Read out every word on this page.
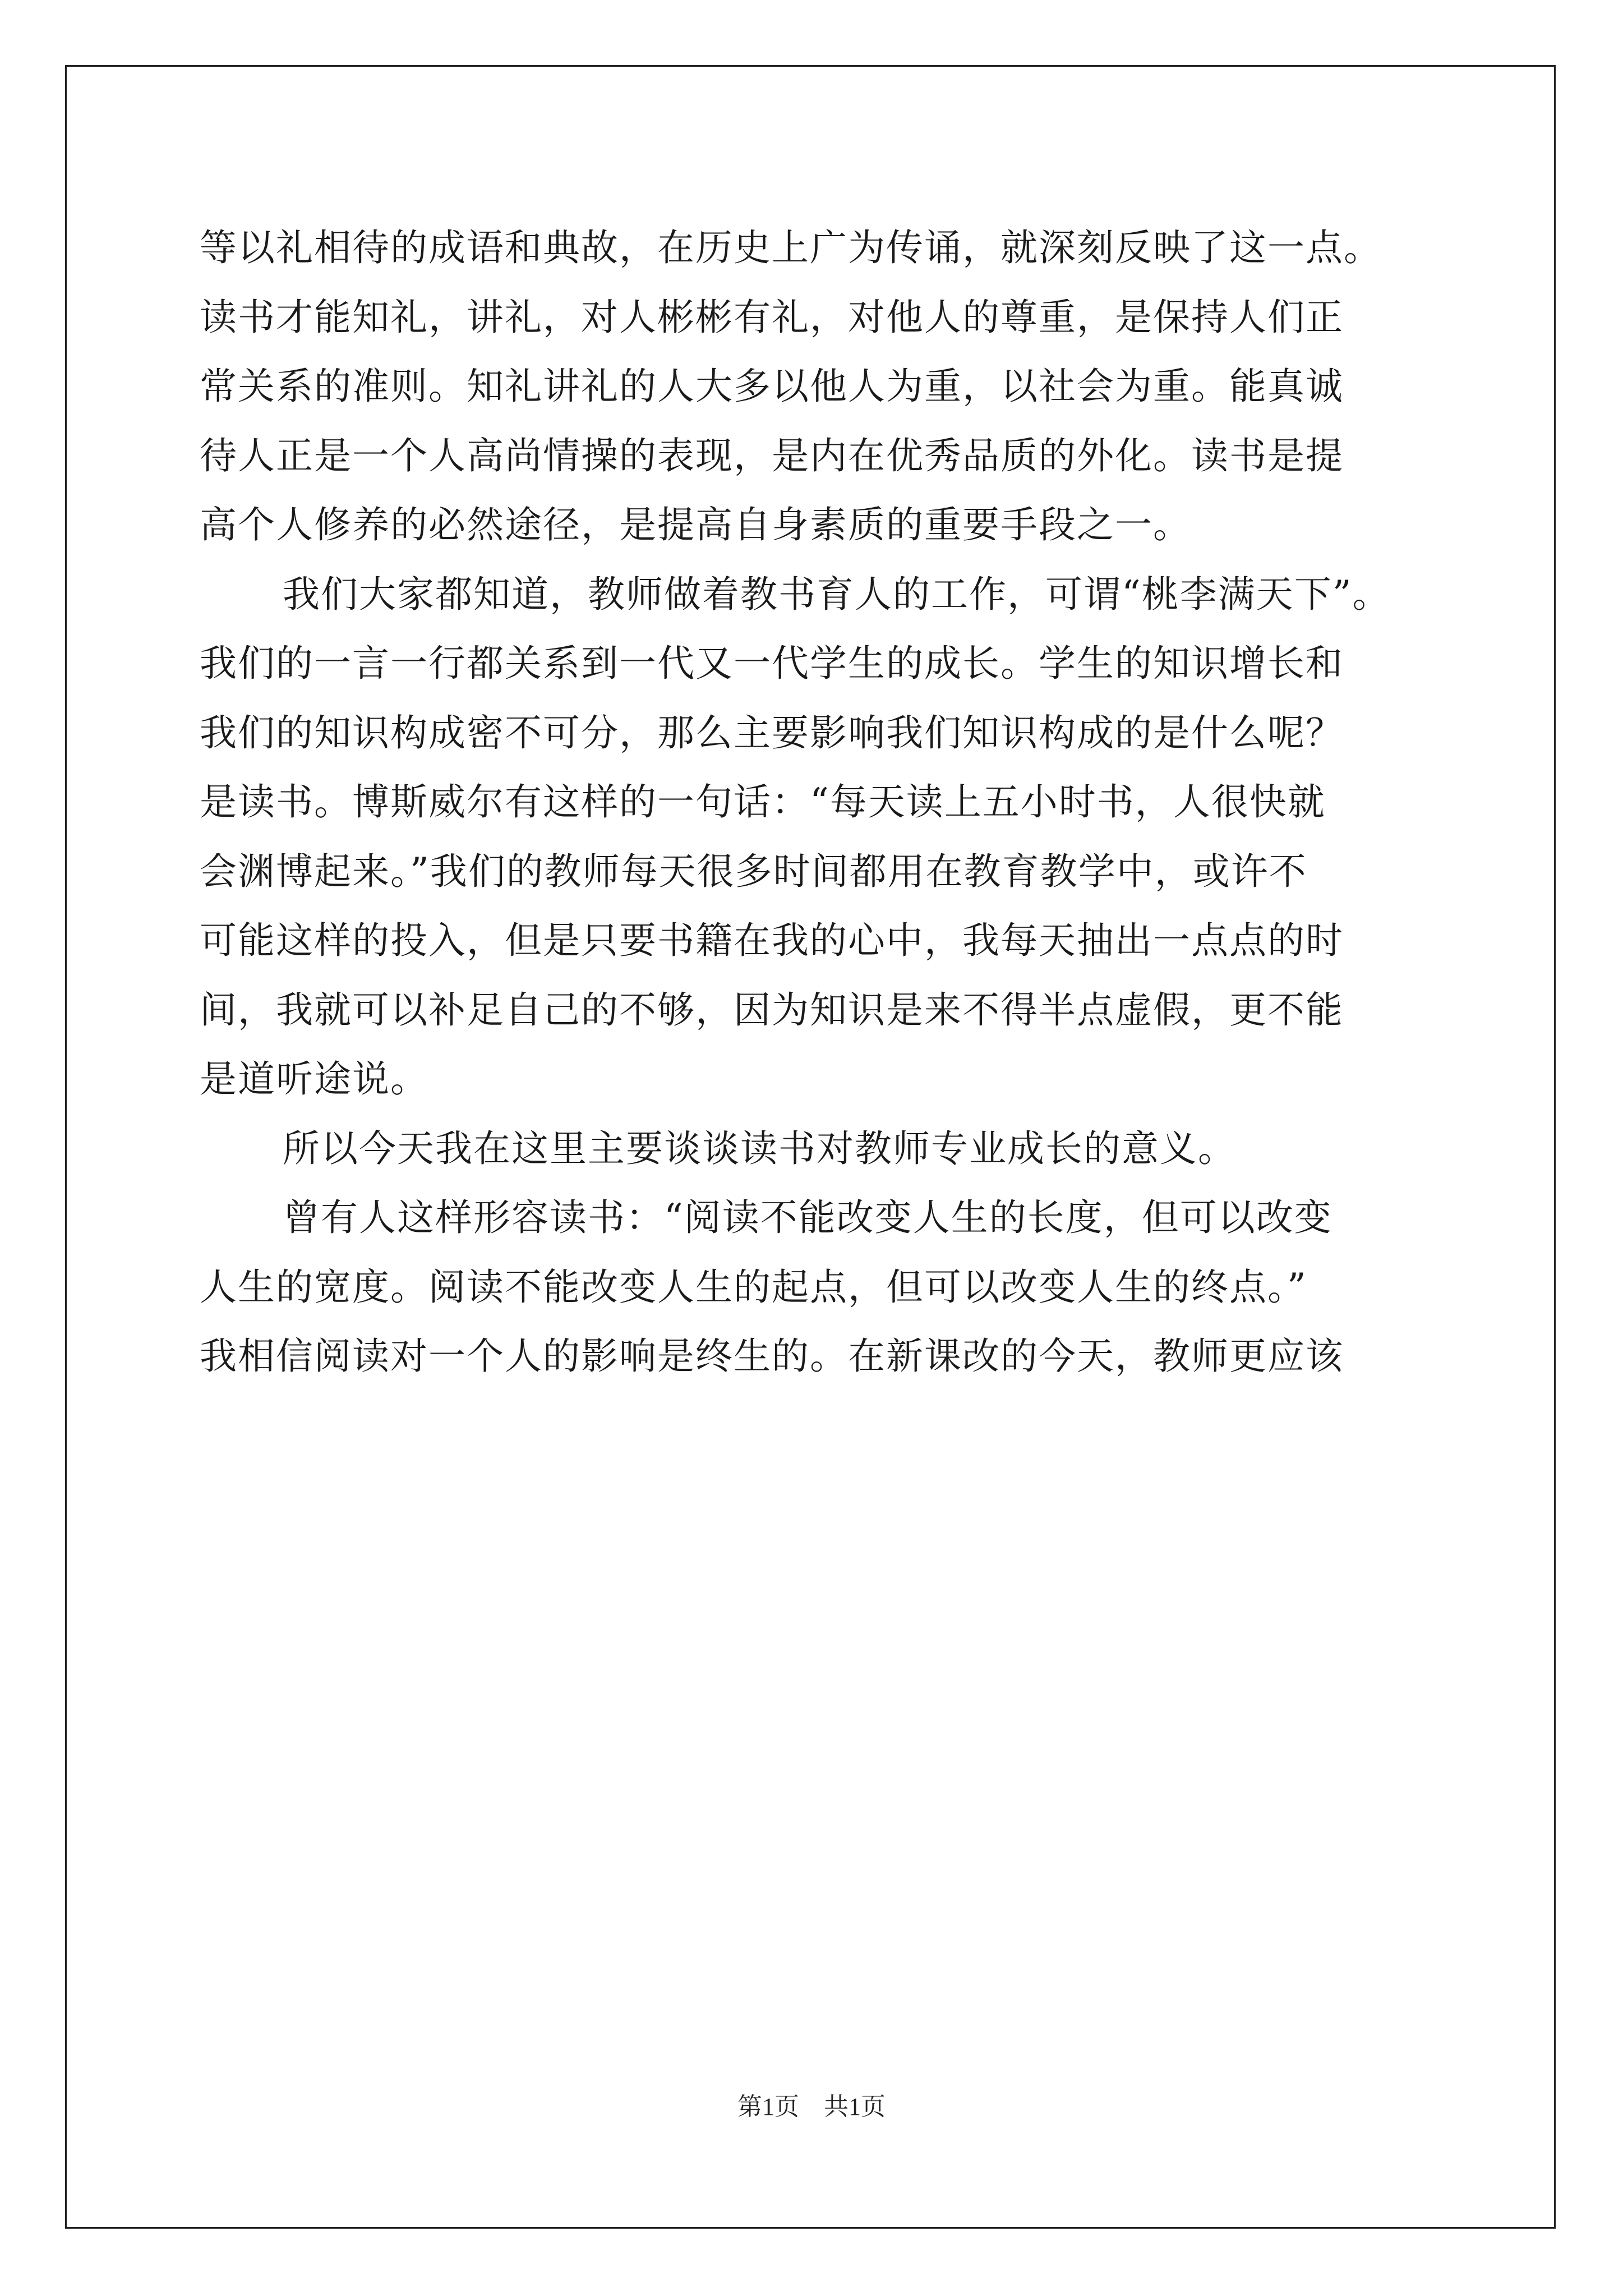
等以礼相待的成语和典故，在历史上广为传诵，就深刻反映了这一点。
读书才能知礼，讲礼，对人彬彬有礼，对他人的尊重，是保持人们正
常关系的准则。知礼讲礼的人大多以他人为重，以社会为重。能真诚
待人正是一个人高尚情操的表现，是内在优秀品质的外化。读书是提
高个人修养的必然途径，是提高自身素质的重要手段之一。
我们大家都知道，教师做着教书育人的工作，可谓“桃李满天下”。
我们的一言一行都关系到一代又一代学生的成长。学生的知识增长和
我们的知识构成密不可分，那么主要影响我们知识构成的是什么呢？
是读书。博斯威尔有这样的一句话：“每天读上五小时书，人很快就
会渊博起来。”我们的教师每天很多时间都用在教育教学中，或许不
可能这样的投入，但是只要书籍在我的心中，我每天抽出一点点的时
间，我就可以补足自己的不够，因为知识是来不得半点虚假，更不能
是道听途说。
所以今天我在这里主要谈谈读书对教师专业成长的意义。
曾有人这样形容读书：“阅读不能改变人生的长度，但可以改变
人生的宽度。阅读不能改变人生的起点，但可以改变人生的终点。”
我相信阅读对一个人的影响是终生的。在新课改的今天，教师更应该
第1页　共1页
